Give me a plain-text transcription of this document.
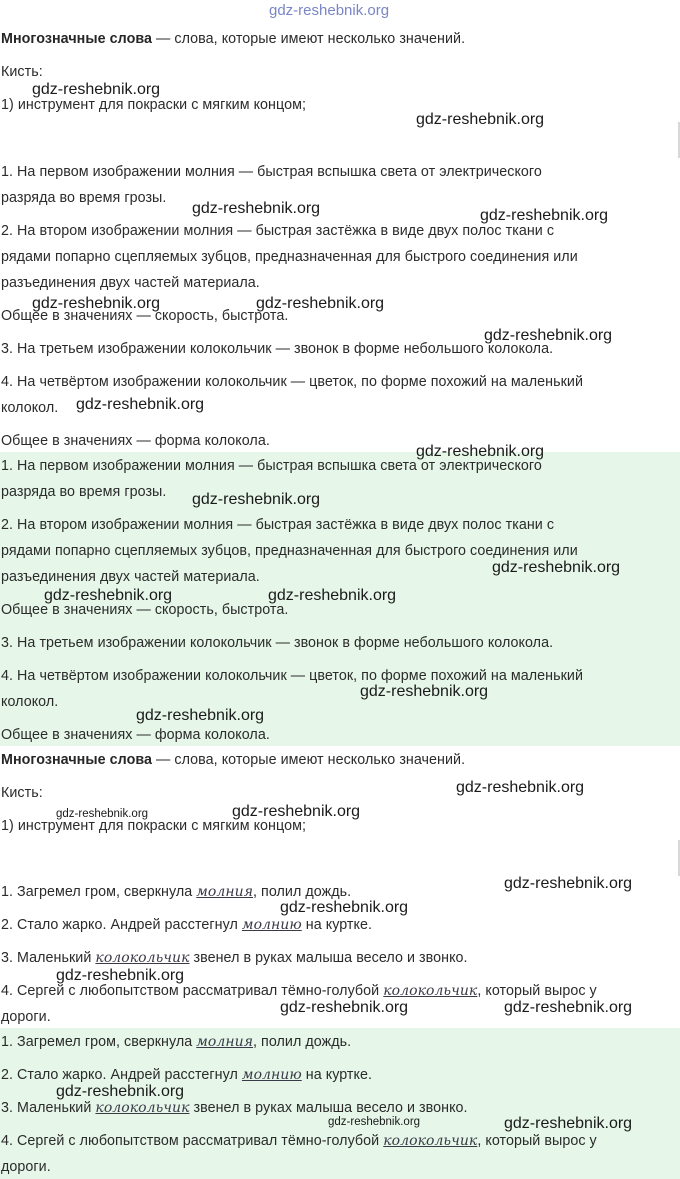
gdz-reshebnik.org
Многозначные слова — слова, которые имеют несколько значений.
Кисть:
1) инструмент для покраски с мягким концом;
1. На первом изображении молния — быстрая вспышка света от электрического
разряда во время грозы.
2. На втором изображении молния — быстрая застёжка в виде двух полос ткани с
рядами попарно сцепляемых зубцов, предназначенная для быстрого соединения или
разъединения двух частей материала.
Общее в значениях — скорость, быстрота.
3. На третьем изображении колокольчик — звонок в форме небольшого колокола.
4. На четвёртом изображении колокольчик — цветок, по форме похожий на маленький
колокол.
Общее в значениях — форма колокола.
1. На первом изображении молния — быстрая вспышка света от электрического
разряда во время грозы.
2. На втором изображении молния — быстрая застёжка в виде двух полос ткани с
рядами попарно сцепляемых зубцов, предназначенная для быстрого соединения или
разъединения двух частей материала.
Общее в значениях — скорость, быстрота.
3. На третьем изображении колокольчик — звонок в форме небольшого колокола.
4. На четвёртом изображении колокольчик — цветок, по форме похожий на маленький
колокол.
Общее в значениях — форма колокола.
Многозначные слова — слова, которые имеют несколько значений.
Кисть:
1) инструмент для покраски с мягким концом;
1. Загремел гром, сверкнула молния, полил дождь.
2. Стало жарко. Андрей расстегнул молнию на куртке.
3. Маленький колокольчик звенел в руках малыша весело и звонко.
4. Сергей с любопытством рассматривал тёмно-голубой колокольчик, который вырос у
дороги.
1. Загремел гром, сверкнула молния, полил дождь.
2. Стало жарко. Андрей расстегнул молнию на куртке.
3. Маленький колокольчик звенел в руках малыша весело и звонко.
4. Сергей с любопытством рассматривал тёмно-голубой колокольчик, который вырос у
дороги.
gdz-reshebnik.org
gdz-reshebnik.org
gdz-reshebnik.org	gdz-reshebnik.org
gdz-reshebnik.org	gdz-reshebnik.org
gdz-reshebnik.org
gdz-reshebnik.org
gdz-reshebnik.org
gdz-reshebnik.org
gdz-reshebnik.org
gdz-reshebnik.org	gdz-reshebnik.org
gdz-reshebnik.org
gdz-reshebnik.org
gdz-reshebnik.org
gdz-reshebnik.org	gdz-reshebnik.org
gdz-reshebnik.org
gdz-reshebnik.org
gdz-reshebnik.org
gdz-reshebnik.org	gdz-reshebnik.org
gdz-reshebnik.org
gdz-reshebnik.org	gdz-reshebnik.org
